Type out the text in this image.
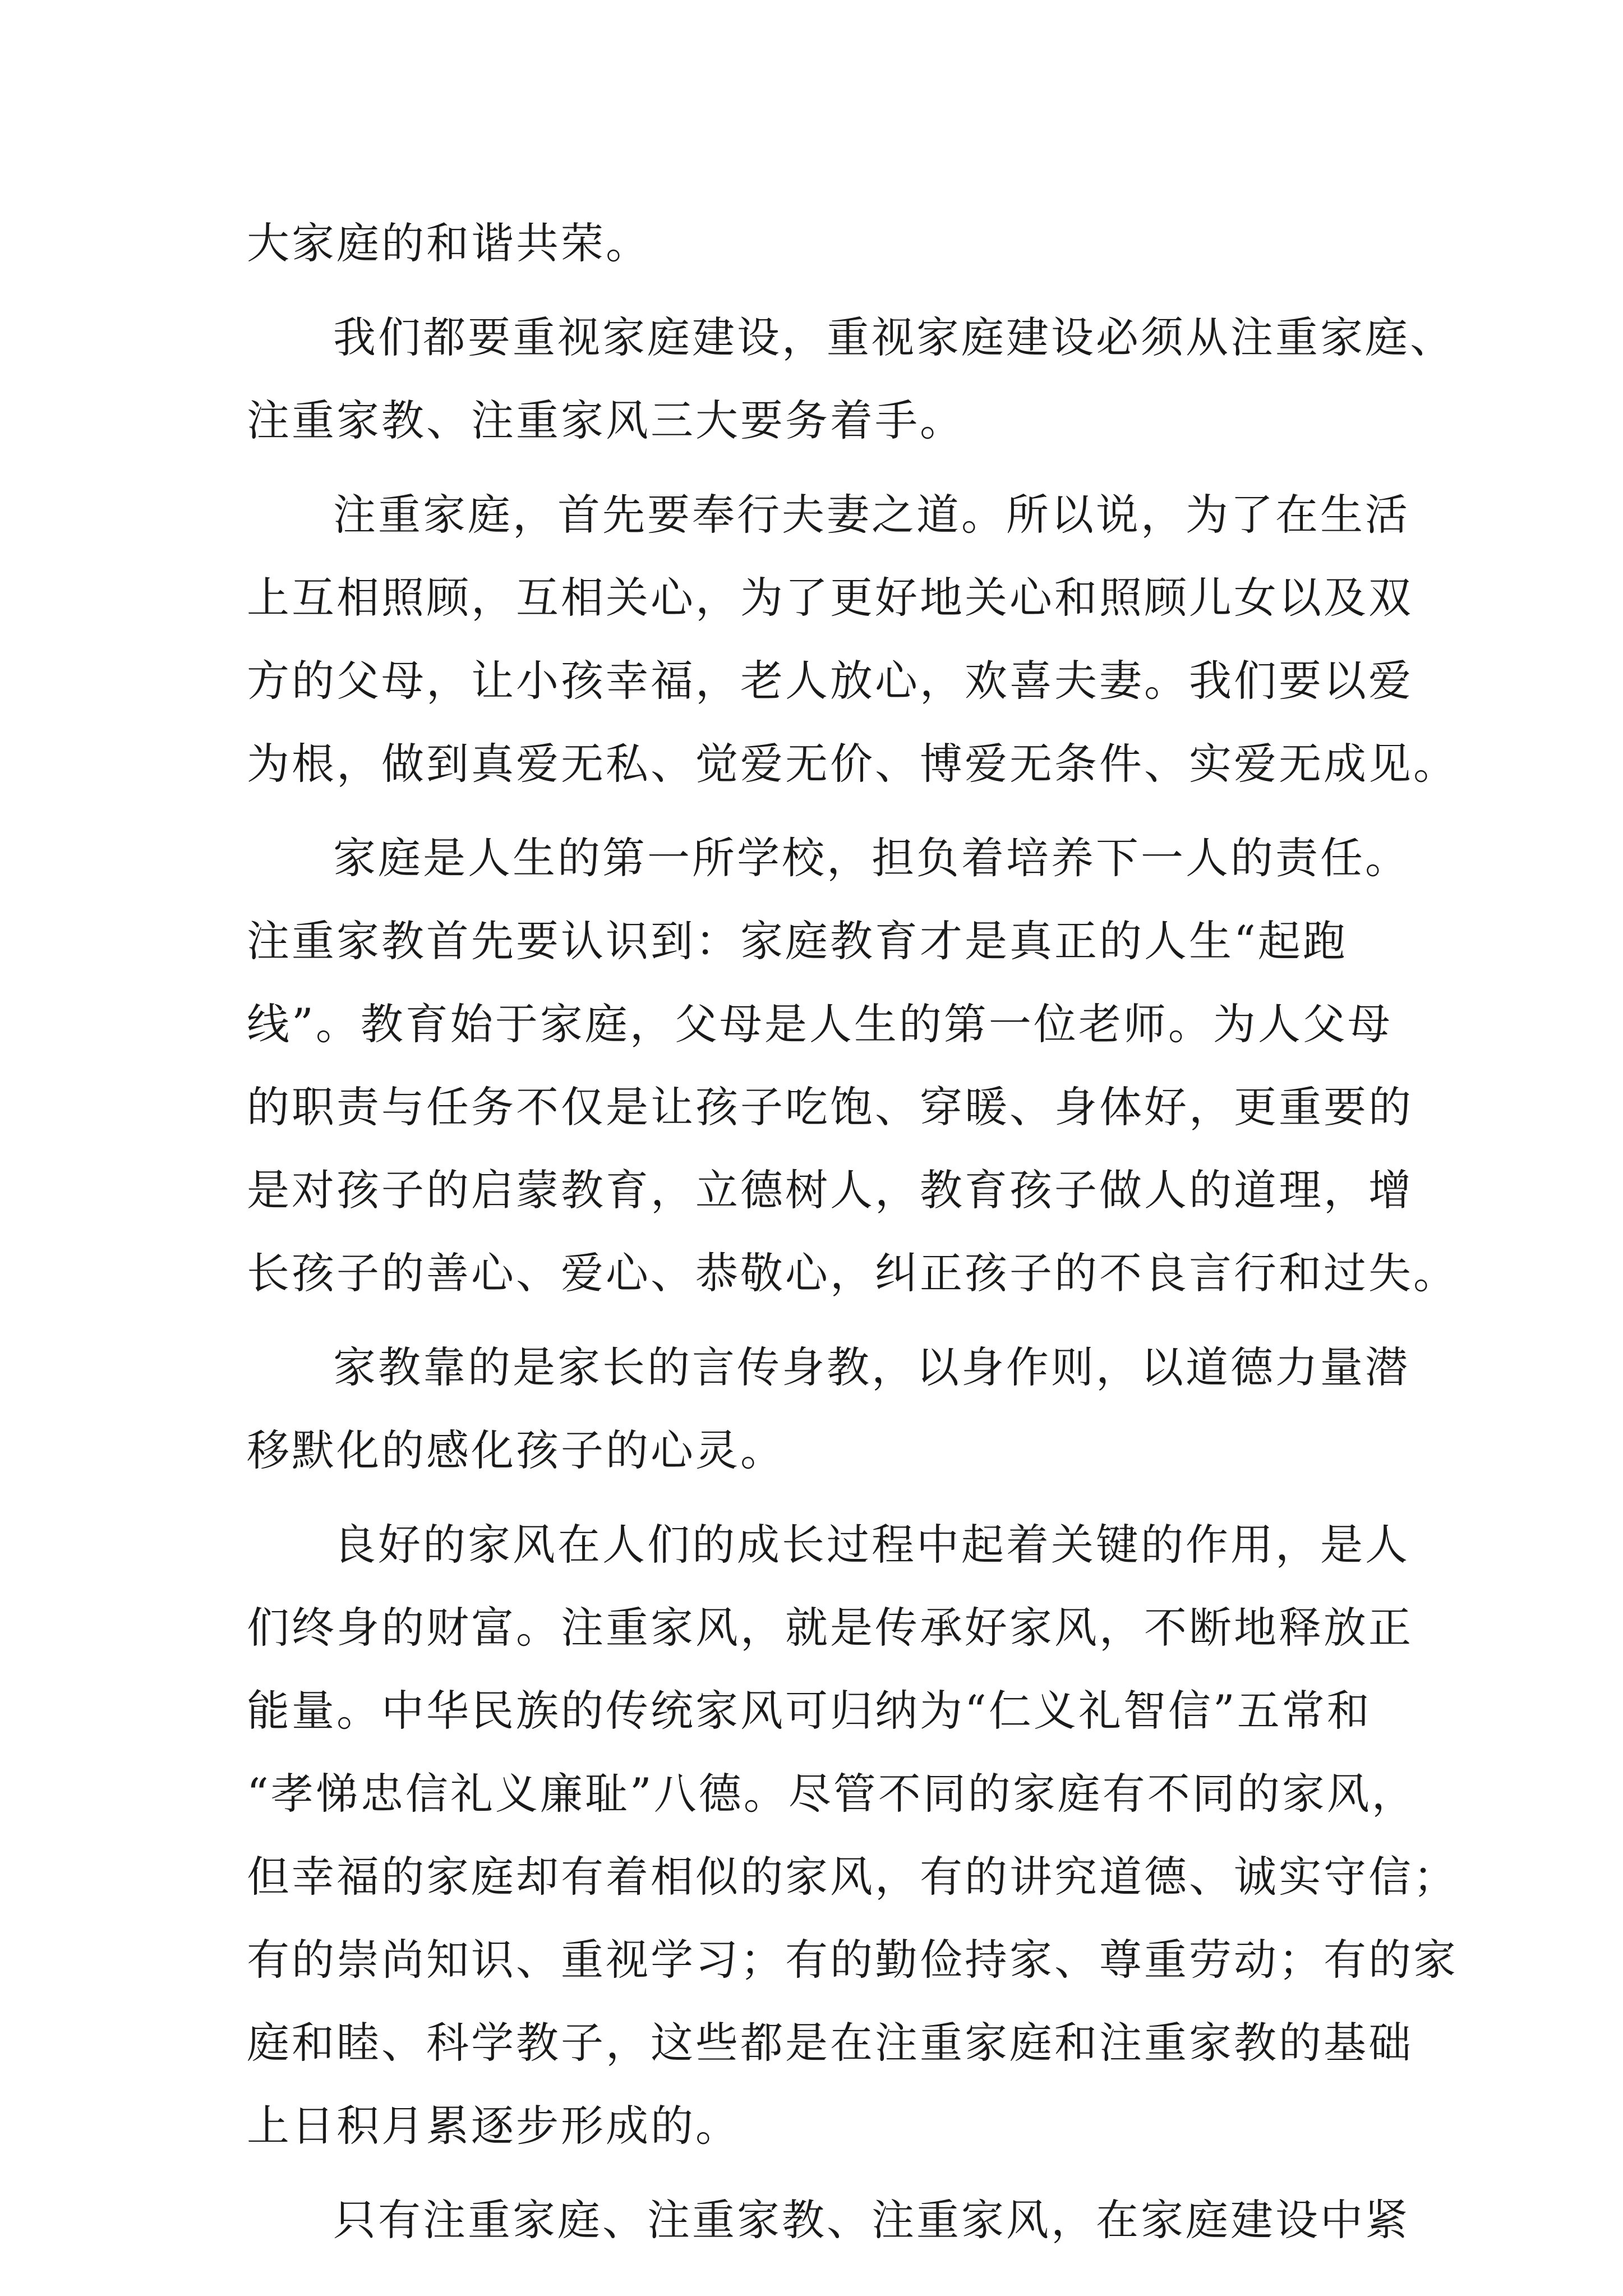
大家庭的和谐共荣。
我们都要重视家庭建设，重视家庭建设必须从注重家庭、
注重家教、注重家风三大要务着手。
注重家庭，首先要奉行夫妻之道。所以说，为了在生活
上互相照顾，互相关心，为了更好地关心和照顾儿女以及双
方的父母，让小孩幸福，老人放心，欢喜夫妻。我们要以爱
为根，做到真爱无私、觉爱无价、博爱无条件、实爱无成见。
家庭是人生的第一所学校，担负着培养下一人的责任。
注重家教首先要认识到：家庭教育才是真正的人生“起跑
线”。教育始于家庭，父母是人生的第一位老师。为人父母
的职责与任务不仅是让孩子吃饱、穿暖、身体好，更重要的
是对孩子的启蒙教育，立德树人，教育孩子做人的道理，增
长孩子的善心、爱心、恭敬心，纠正孩子的不良言行和过失。
家教靠的是家长的言传身教，以身作则，以道德力量潜
移默化的感化孩子的心灵。
良好的家风在人们的成长过程中起着关键的作用，是人
们终身的财富。注重家风，就是传承好家风，不断地释放正
能量。中华民族的传统家风可归纳为“仁义礼智信”五常和
“孝悌忠信礼义廉耻”八德。尽管不同的家庭有不同的家风，
但幸福的家庭却有着相似的家风，有的讲究道德、诚实守信；
有的崇尚知识、重视学习；有的勤俭持家、尊重劳动；有的家
庭和睦、科学教子，这些都是在注重家庭和注重家教的基础
上日积月累逐步形成的。
只有注重家庭、注重家教、注重家风，在家庭建设中紧
